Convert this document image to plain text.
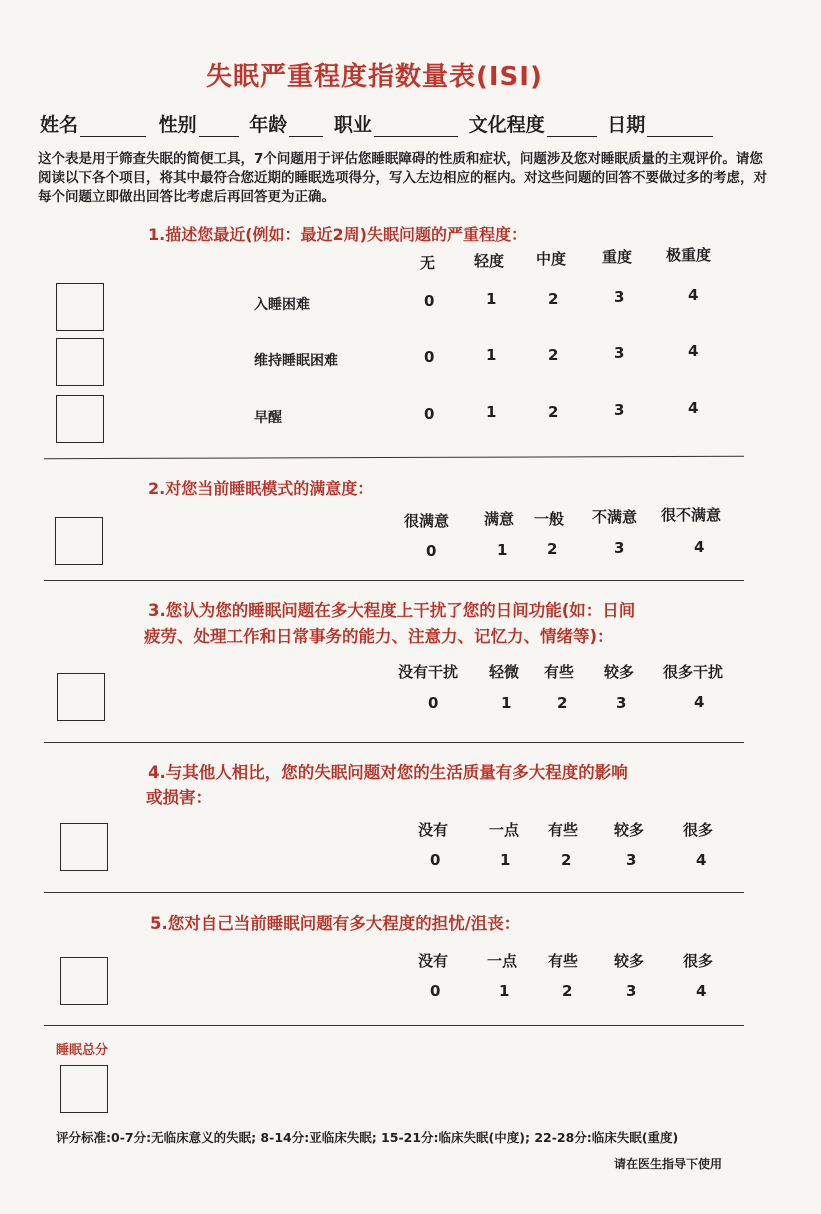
失眠严重程度指数量表(ISI)
姓名	性别	年龄 职业	文化程度	日期
这个表是用于筛查失眠的简便工具，7个问题用于评估您睡眠障碍的性质和症状，问题涉及您对睡眠质量的主观评价。请您阅读以下各个项目，将其中最符合您近期的睡眠选项得分，写入左边相应的框内。对这些问题的回答不要做过多的考虑，对每个问题立即做出回答比考虑后再回答更为正确。
1.描述您最近(例如：最近2周)失眠问题的严重程度：
无	轻度 中度 重度 极重度
入睡困难	0	1	2	3	4
维持睡眠困难	0	1	2	3	4
早醒	0	1	2	3	4
2.对您当前睡眠模式的满意度：
很满意 满意 一般 不满意 很不满意
0	1	2	3	4
3.您认为您的睡眠问题在多大程度上干扰了您的日间功能(如：日间
疲劳、处理工作和日常事务的能力、注意力、记忆力、情绪等)：
没有干扰 轻微 有些 较多 很多干扰
0	1	2	3	4
4.与其他人相比，您的失眠问题对您的生活质量有多大程度的影响
或损害：
没有	一点 有些 较多	很多
0	1	2	3	4
5.您对自己当前睡眠问题有多大程度的担忧/沮丧：
没有	一点 有些 较多	很多
0	1	2	3	4
睡眠总分
评分标准:0-7分:无临床意义的失眠; 8-14分:亚临床失眠; 15-21分:临床失眠(中度); 22-28分:临床失眠(重度)
请在医生指导下使用
